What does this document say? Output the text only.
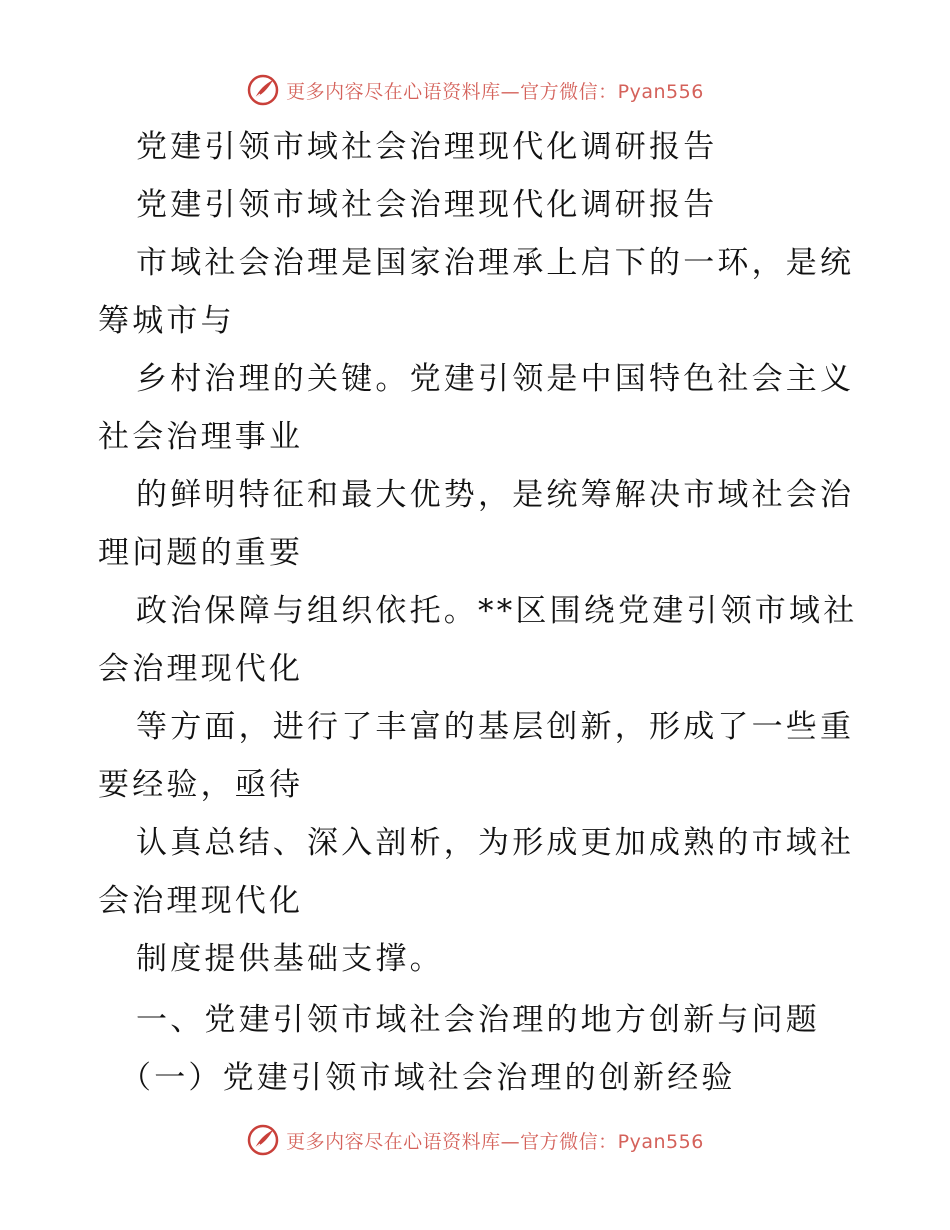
更多内容尽在心语资料库—官方微信：Pyan556
党建引领市域社会治理现代化调研报告
党建引领市域社会治理现代化调研报告
市域社会治理是国家治理承上启下的一环，是统
筹城市与
乡村治理的关键。党建引领是中国特色社会主义
社会治理事业
的鲜明特征和最大优势，是统筹解决市域社会治
理问题的重要
政治保障与组织依托。**区围绕党建引领市域社
会治理现代化
等方面，进行了丰富的基层创新，形成了一些重
要经验，亟待
认真总结、深入剖析，为形成更加成熟的市域社
会治理现代化
制度提供基础支撑。
一、党建引领市域社会治理的地方创新与问题
（一）党建引领市域社会治理的创新经验
更多内容尽在心语资料库—官方微信：Pyan556
